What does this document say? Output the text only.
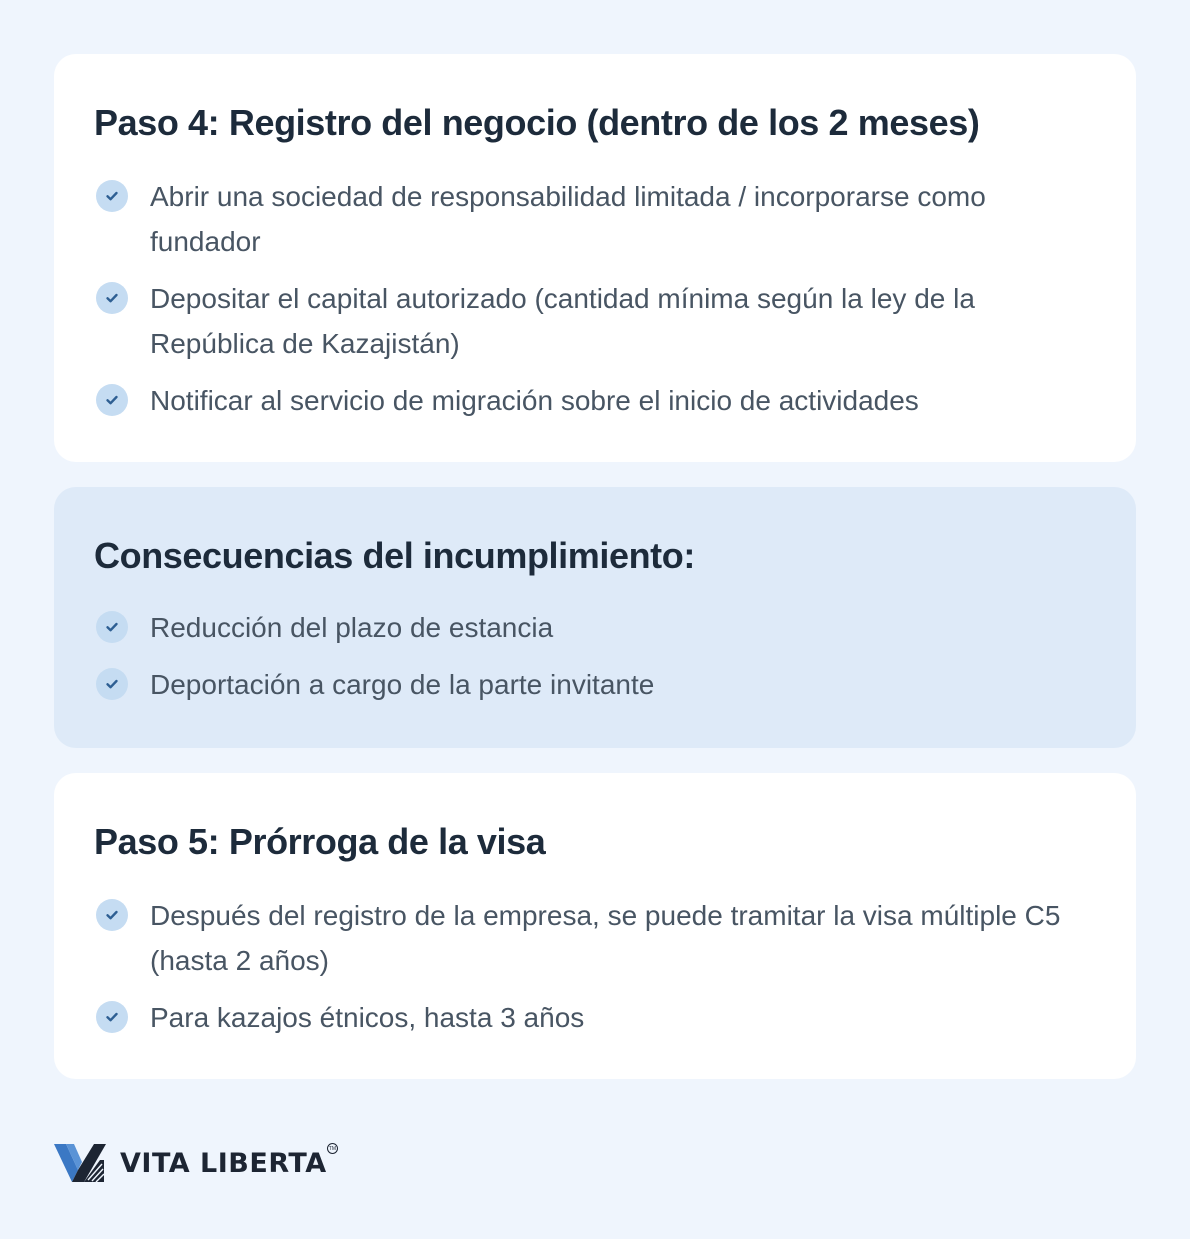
Paso 4: Registro del negocio (dentro de los 2 meses)
Abrir una sociedad de responsabilidad limitada / incorporarse como fundador
Depositar el capital autorizado (cantidad mínima según la ley de la República de Kazajistán)
Notificar al servicio de migración sobre el inicio de actividades
Consecuencias del incumplimiento:
Reducción del plazo de estancia
Deportación a cargo de la parte invitante
Paso 5: Prórroga de la visa
Después del registro de la empresa, se puede tramitar la visa múltiple C5 (hasta 2 años)
Para kazajos étnicos, hasta 3 años
VITA LIBERTA TM
